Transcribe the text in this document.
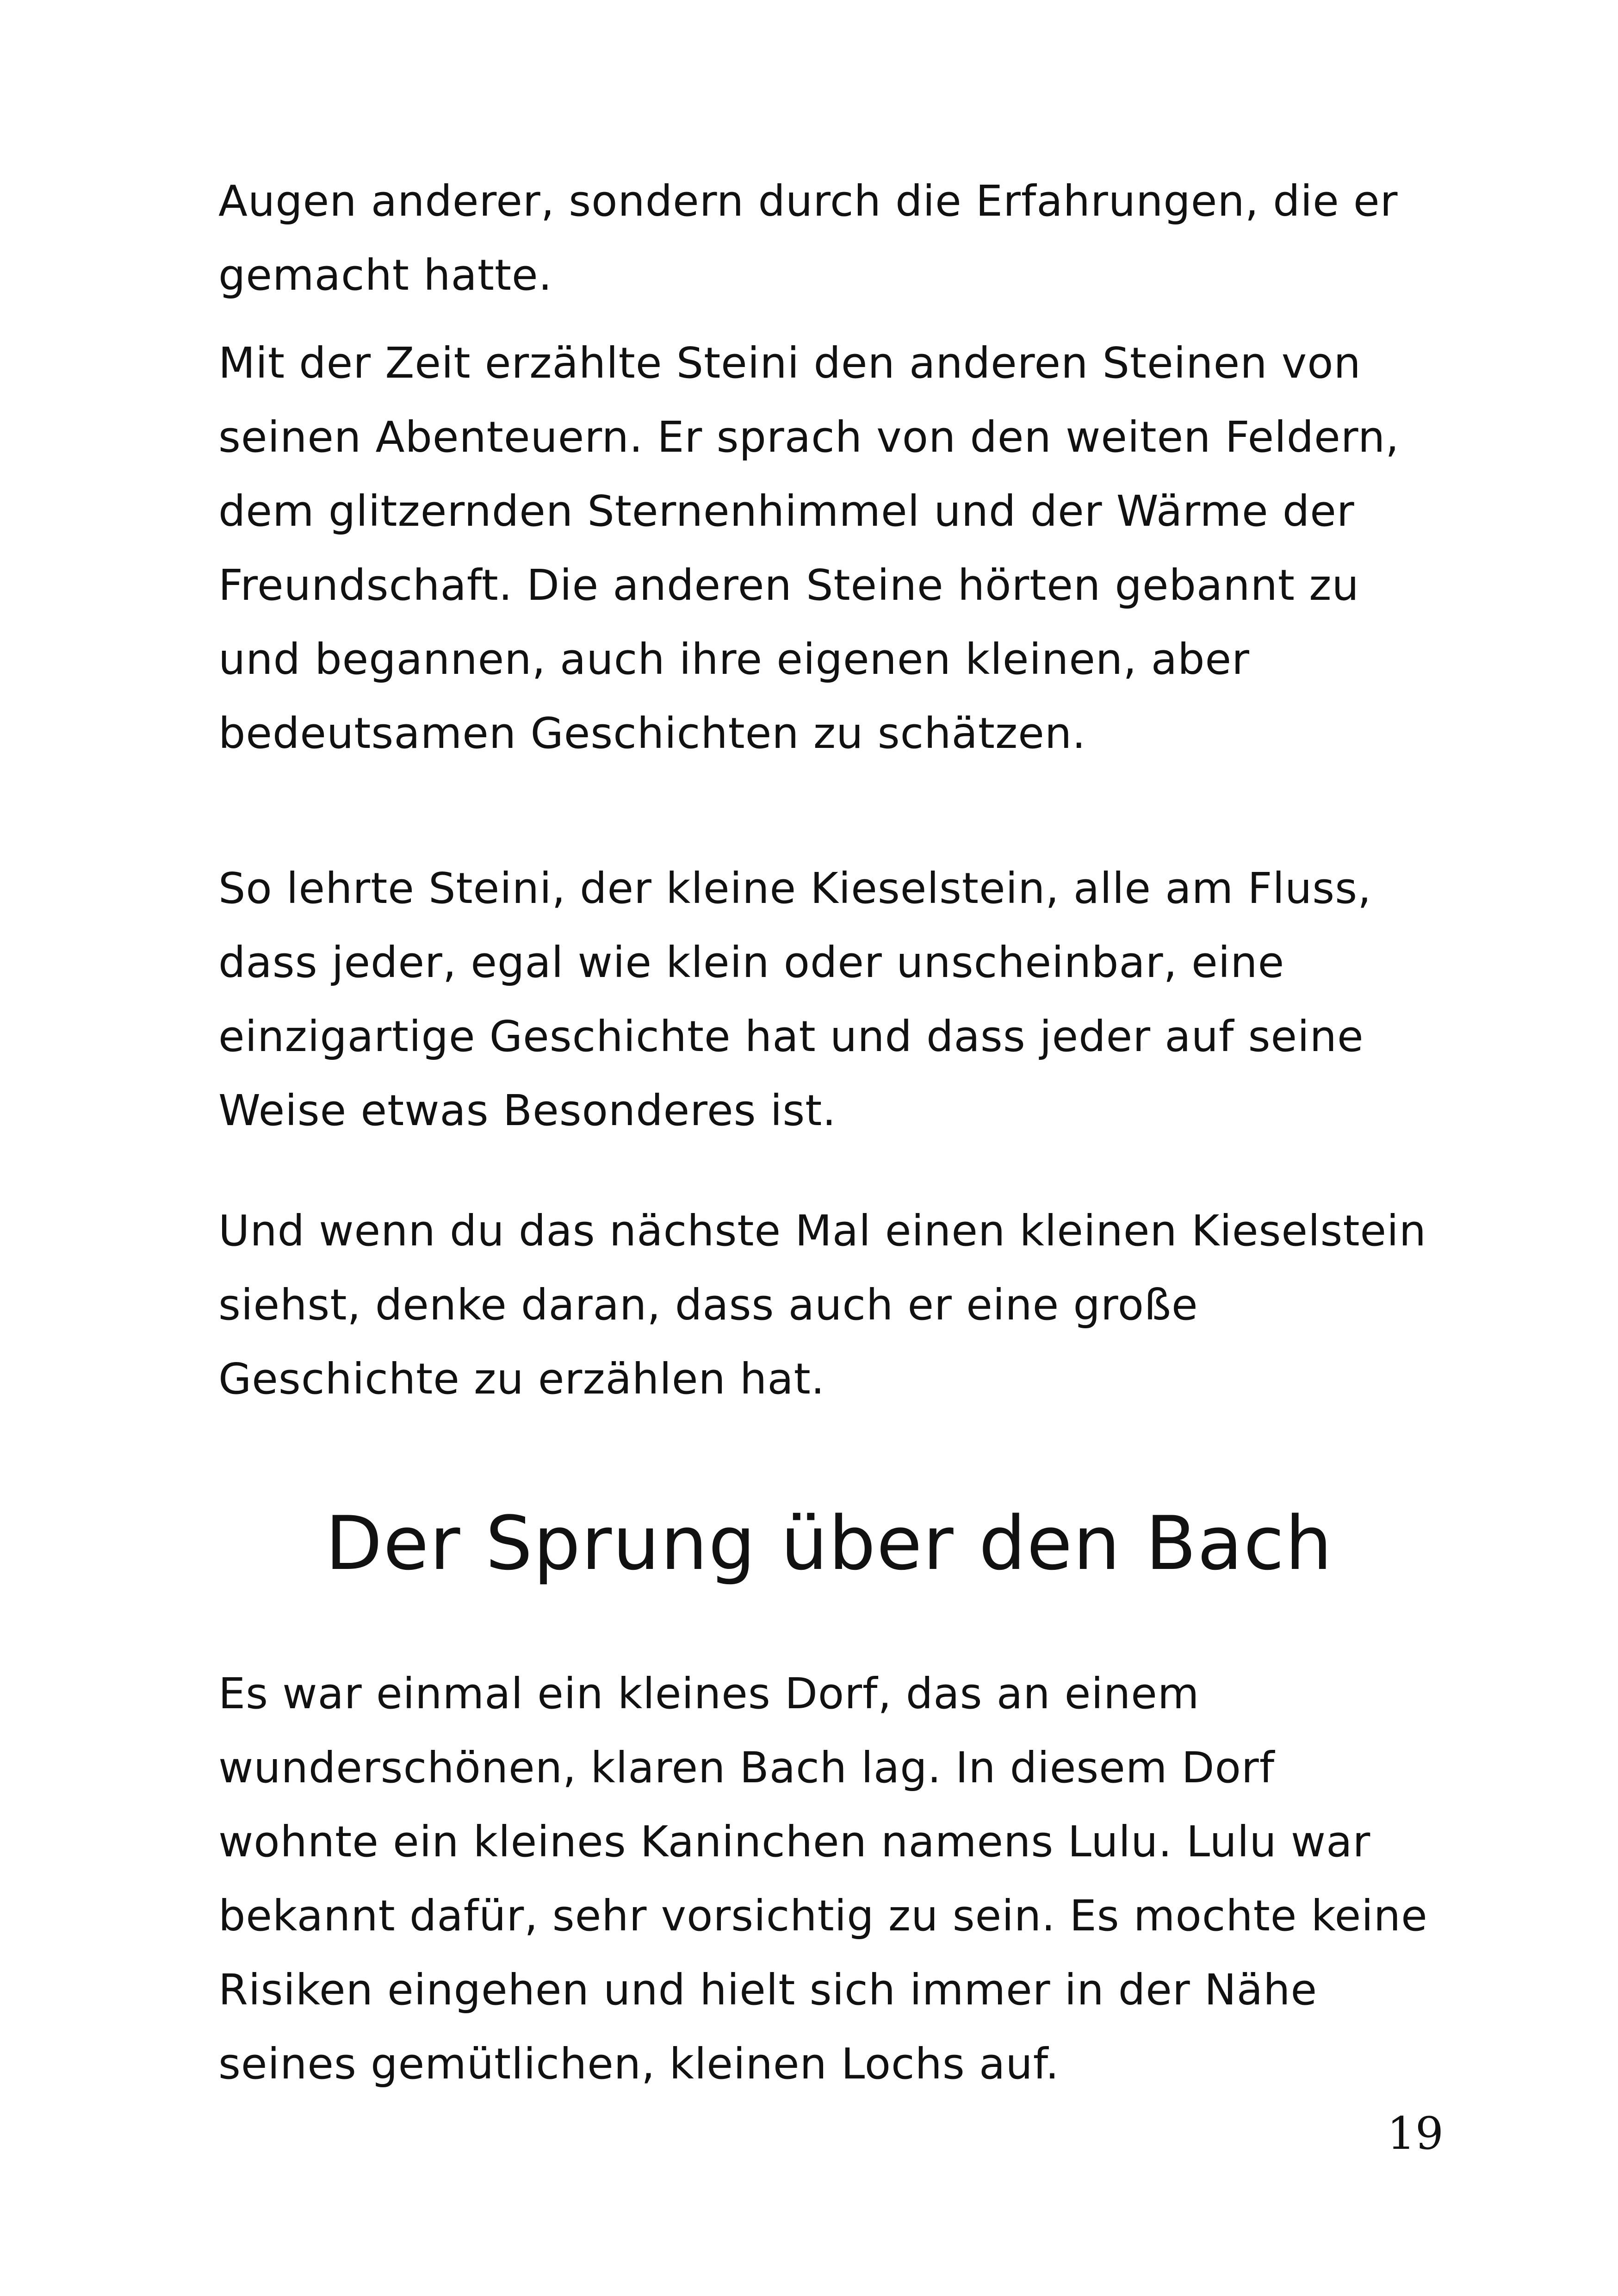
Augen anderer, sondern durch die Erfahrungen, die er gemacht hatte.

Mit der Zeit erzählte Steini den anderen Steinen von seinen Abenteuern. Er sprach von den weiten Feldern, dem glitzernden Sternenhimmel und der Wärme der Freundschaft. Die anderen Steine hörten gebannt zu und begannen, auch ihre eigenen kleinen, aber bedeutsamen Geschichten zu schätzen.

So lehrte Steini, der kleine Kieselstein, alle am Fluss, dass jeder, egal wie klein oder unscheinbar, eine einzigartige Geschichte hat und dass jeder auf seine Weise etwas Besonderes ist.

Und wenn du das nächste Mal einen kleinen Kieselstein siehst, denke daran, dass auch er eine große Geschichte zu erzählen hat.

Der Sprung über den Bach

Es war einmal ein kleines Dorf, das an einem wunderschönen, klaren Bach lag. In diesem Dorf wohnte ein kleines Kaninchen namens Lulu. Lulu war bekannt dafür, sehr vorsichtig zu sein. Es mochte keine Risiken eingehen und hielt sich immer in der Nähe seines gemütlichen, kleinen Lochs auf.

19
